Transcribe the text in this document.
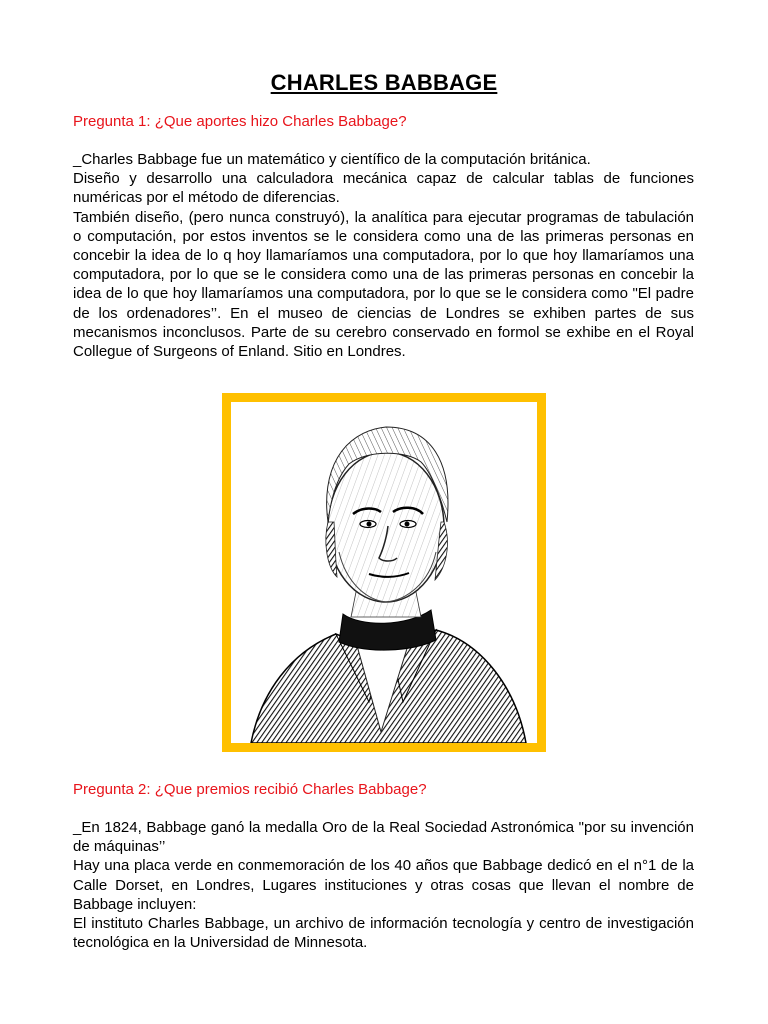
CHARLES BABBAGE
Pregunta 1: ¿Que aportes hizo Charles Babbage?

_Charles Babbage fue un matemático y científico de la computación británica.

Diseño y desarrollo una calculadora mecánica capaz de calcular tablas de funciones numéricas por el método de diferencias.

También diseño, (pero nunca construyó), la analítica para ejecutar programas de tabulación o computación, por estos inventos se le considera como una de las primeras personas en concebir la idea de lo q hoy llamaríamos una computadora, por lo que hoy llamaríamos una computadora, por lo que se le considera como una de las primeras personas en concebir la idea de lo que hoy llamaríamos una computadora, por lo que se le considera como "El padre de los ordenadores’’. En el museo de ciencias de Londres se exhiben partes de sus mecanismos inconclusos. Parte de su cerebro conservado en formol se exhibe en el Royal Collegue of Surgeons of Enland. Sitio en Londres.

Pregunta 2: ¿Que premios recibió Charles Babbage?

_En 1824, Babbage ganó la medalla Oro de la Real Sociedad Astronómica "por su invención de máquinas’’

Hay una placa verde en conmemoración de los 40 años que Babbage dedicó en el n°1 de la Calle Dorset, en Londres, Lugares instituciones y otras cosas que llevan el nombre de Babbage incluyen:

El instituto Charles Babbage, un archivo de información tecnología y centro de investigación tecnológica en la Universidad de Minnesota.
